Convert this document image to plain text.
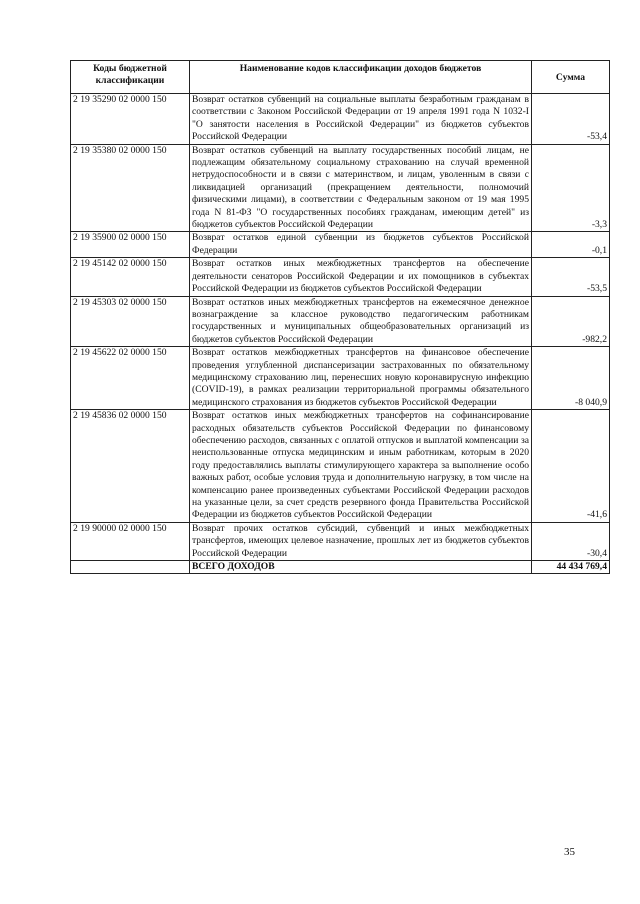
Коды бюджетной классификации	Наименование кодов классификации доходов бюджетов	Сумма
2 19 35290 02 0000 150	Возврат остатков субвенций на социальные выплаты безработным гражданам в соответствии с Законом Российской Федерации от 19 апреля 1991 года N 1032-I "О занятости населения в Российской Федерации" из бюджетов субъектов Российской Федерации	-53,4
2 19 35380 02 0000 150	Возврат остатков субвенций на выплату государственных пособий лицам, не подлежащим обязательному социальному страхованию на случай временной нетрудоспособности и в связи с материнством, и лицам, уволенным в связи с ликвидацией организаций (прекращением деятельности, полномочий физическими лицами), в соответствии с Федеральным законом от 19 мая 1995 года N 81-ФЗ "О государственных пособиях гражданам, имеющим детей" из бюджетов субъектов Российской Федерации	-3,3
2 19 35900 02 0000 150	Возврат остатков единой субвенции из бюджетов субъектов Российской Федерации	-0,1
2 19 45142 02 0000 150	Возврат остатков иных межбюджетных трансфертов на обеспечение деятельности сенаторов Российской Федерации и их помощников в субъектах Российской Федерации из бюджетов субъектов Российской Федерации	-53,5
2 19 45303 02 0000 150	Возврат остатков иных межбюджетных трансфертов на ежемесячное денежное вознаграждение за классное руководство педагогическим работникам государственных и муниципальных общеобразовательных организаций из бюджетов субъектов Российской Федерации	-982,2
2 19 45622 02 0000 150	Возврат остатков межбюджетных трансфертов на финансовое обеспечение проведения углубленной диспансеризации застрахованных по обязательному медицинскому страхованию лиц, перенесших новую коронавирусную инфекцию (COVID-19), в рамках реализации территориальной программы обязательного медицинского страхования из бюджетов субъектов Российской Федерации	-8 040,9
2 19 45836 02 0000 150	Возврат остатков иных межбюджетных трансфертов на софинансирование расходных обязательств субъектов Российской Федерации по финансовому обеспечению расходов, связанных с оплатой отпусков и выплатой компенсации за неиспользованные отпуска медицинским и иным работникам, которым в 2020 году предоставлялись выплаты стимулирующего характера за выполнение особо важных работ, особые условия труда и дополнительную нагрузку, в том числе на компенсацию ранее произведенных субъектами Российской Федерации расходов на указанные цели, за счет средств резервного фонда Правительства Российской Федерации из бюджетов субъектов Российской Федерации	-41,6
2 19 90000 02 0000 150	Возврат прочих остатков субсидий, субвенций и иных межбюджетных трансфертов, имеющих целевое назначение, прошлых лет из бюджетов субъектов Российской Федерации	-30,4
	ВСЕГО ДОХОДОВ	44 434 769,4
35
